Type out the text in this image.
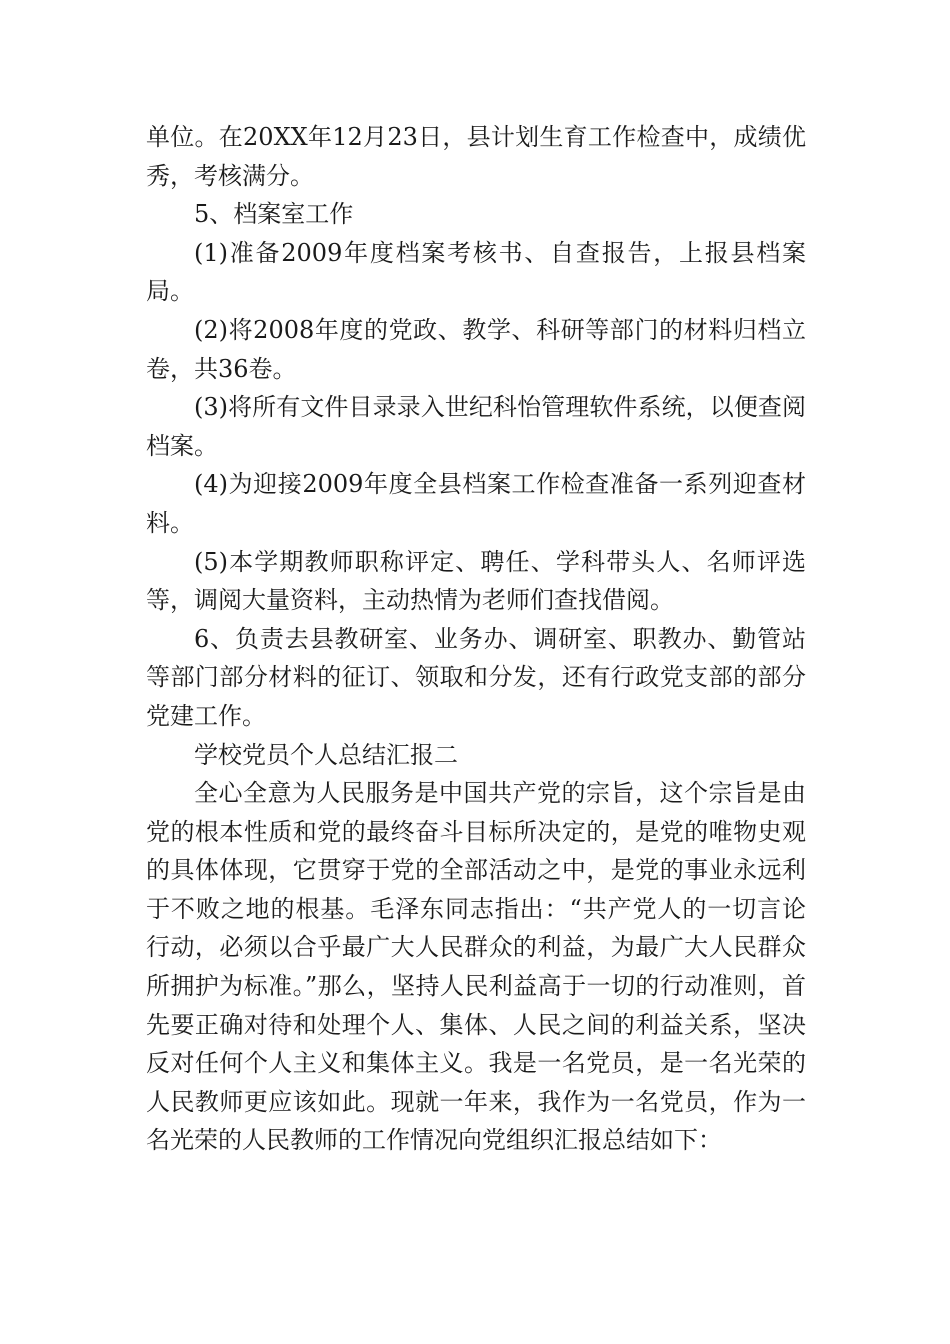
单位。在20XX年12月23日，县计划生育工作检查中，成绩优秀，考核满分。

5、档案室工作

(1)准备2009年度档案考核书、自查报告，上报县档案局。

(2)将2008年度的党政、教学、科研等部门的材料归档立卷，共36卷。

(3)将所有文件目录录入世纪科怡管理软件系统，以便查阅档案。

(4)为迎接2009年度全县档案工作检查准备一系列迎查材料。

(5)本学期教师职称评定、聘任、学科带头人、名师评选等，调阅大量资料，主动热情为老师们查找借阅。

6、负责去县教研室、业务办、调研室、职教办、勤管站等部门部分材料的征订、领取和分发，还有行政党支部的部分党建工作。

学校党员个人总结汇报二

全心全意为人民服务是中国共产党的宗旨，这个宗旨是由党的根本性质和党的最终奋斗目标所决定的，是党的唯物史观的具体体现，它贯穿于党的全部活动之中，是党的事业永远利于不败之地的根基。毛泽东同志指出：“共产党人的一切言论行动，必须以合乎最广大人民群众的利益，为最广大人民群众所拥护为标准。”那么，坚持人民利益高于一切的行动准则，首先要正确对待和处理个人、集体、人民之间的利益关系，坚决反对任何个人主义和集体主义。我是一名党员，是一名光荣的人民教师更应该如此。现就一年来，我作为一名党员，作为一名光荣的人民教师的工作情况向党组织汇报总结如下：
